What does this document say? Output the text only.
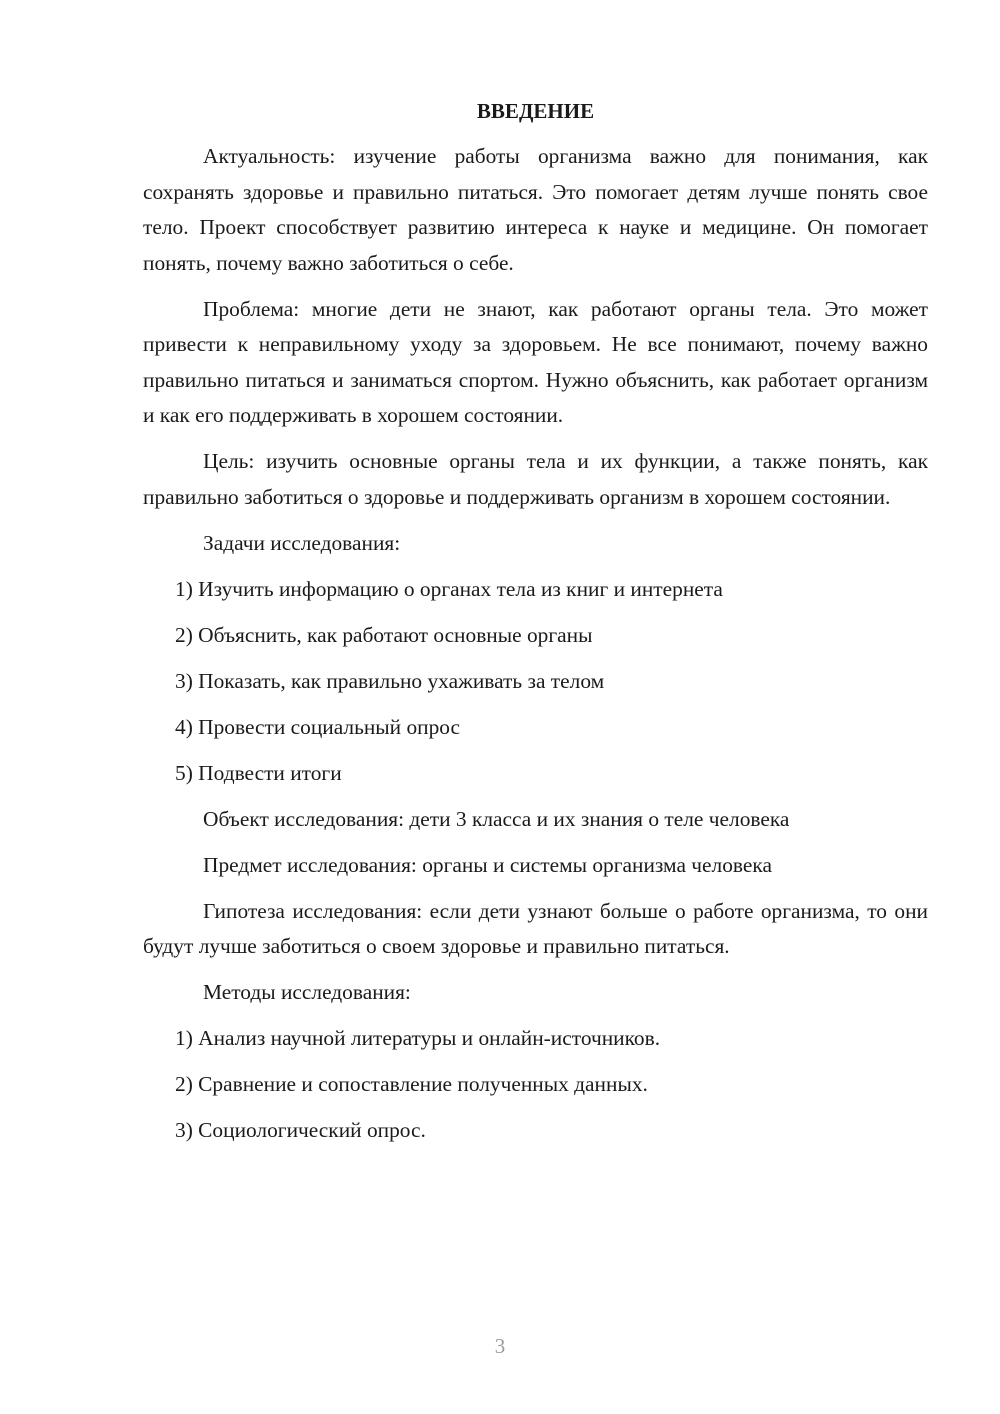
ВВЕДЕНИЕ

Актуальность: изучение работы организма важно для понимания, как сохранять здоровье и правильно питаться. Это помогает детям лучше понять свое тело. Проект способствует развитию интереса к науке и медицине. Он помогает понять, почему важно заботиться о себе.

Проблема: многие дети не знают, как работают органы тела. Это может привести к неправильному уходу за здоровьем. Не все понимают, почему важно правильно питаться и заниматься спортом. Нужно объяснить, как работает организм и как его поддерживать в хорошем состоянии.

Цель: изучить основные органы тела и их функции, а также понять, как правильно заботиться о здоровье и поддерживать организм в хорошем состоянии.

Задачи исследования:

1) Изучить информацию о органах тела из книг и интернета

2) Объяснить, как работают основные органы

3) Показать, как правильно ухаживать за телом

4) Провести социальный опрос

5) Подвести итоги

Объект исследования: дети 3 класса и их знания о теле человека

Предмет исследования: органы и системы организма человека

Гипотеза исследования: если дети узнают больше о работе организма, то они будут лучше заботиться о своем здоровье и правильно питаться.

Методы исследования:

1) Анализ научной литературы и онлайн-источников.

2) Сравнение и сопоставление полученных данных.

3) Социологический опрос.

3
